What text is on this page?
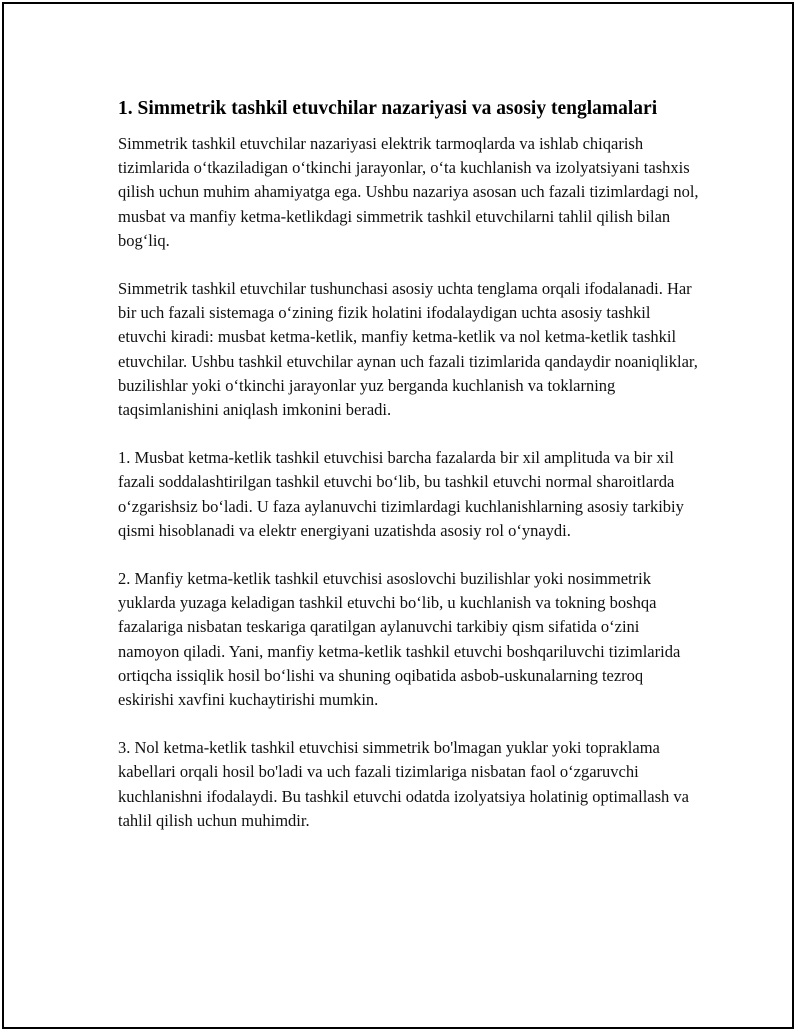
1. Simmetrik tashkil etuvchilar nazariyasi va asosiy tenglamalari

Simmetrik tashkil etuvchilar nazariyasi elektrik tarmoqlarda va ishlab chiqarish tizimlarida o‘tkaziladigan o‘tkinchi jarayonlar, o‘ta kuchlanish va izolyatsiyani tashxis qilish uchun muhim ahamiyatga ega. Ushbu nazariya asosan uch fazali tizimlardagi nol, musbat va manfiy ketma-ketlikdagi simmetrik tashkil etuvchilarni tahlil qilish bilan bog‘liq.

Simmetrik tashkil etuvchilar tushunchasi asosiy uchta tenglama orqali ifodalanadi. Har bir uch fazali sistemaga o‘zining fizik holatini ifodalaydigan uchta asosiy tashkil etuvchi kiradi: musbat ketma-ketlik, manfiy ketma-ketlik va nol ketma-ketlik tashkil etuvchilar. Ushbu tashkil etuvchilar aynan uch fazali tizimlarida qandaydir noaniqliklar, buzilishlar yoki o‘tkinchi jarayonlar yuz berganda kuchlanish va toklarning taqsimlanishini aniqlash imkonini beradi.

1. Musbat ketma-ketlik tashkil etuvchisi barcha fazalarda bir xil amplituda va bir xil fazali soddalashtirilgan tashkil etuvchi bo‘lib, bu tashkil etuvchi normal sharoitlarda o‘zgarishsiz bo‘ladi. U faza aylanuvchi tizimlardagi kuchlanishlarning asosiy tarkibiy qismi hisoblanadi va elektr energiyani uzatishda asosiy rol o‘ynaydi.

2. Manfiy ketma-ketlik tashkil etuvchisi asoslovchi buzilishlar yoki nosimmetrik yuklarda yuzaga keladigan tashkil etuvchi bo‘lib, u kuchlanish va tokning boshqa fazalariga nisbatan teskariga qaratilgan aylanuvchi tarkibiy qism sifatida o‘zini namoyon qiladi. Yani, manfiy ketma-ketlik tashkil etuvchi boshqariluvchi tizimlarida ortiqcha issiqlik hosil bo‘lishi va shuning oqibatida asbob-uskunalarning tezroq eskirishi xavfini kuchaytirishi mumkin.

3. Nol ketma-ketlik tashkil etuvchisi simmetrik bo'lmagan yuklar yoki topraklama kabellari orqali hosil bo'ladi va uch fazali tizimlariga nisbatan faol o‘zgaruvchi kuchlanishni ifodalaydi. Bu tashkil etuvchi odatda izolyatsiya holatinig optimallash va tahlil qilish uchun muhimdir.
